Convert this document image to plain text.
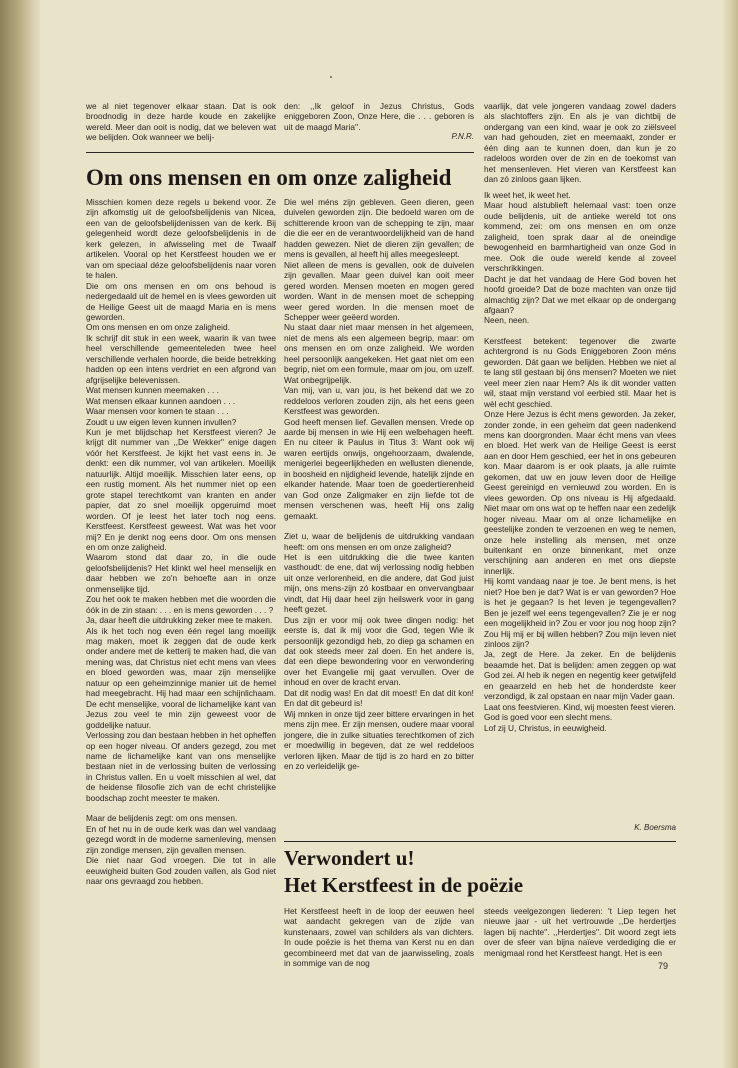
we al niet tegenover elkaar staan. Dat is ook broodnodig in deze harde koude en zakelijke wereld. Meer dan ooit is nodig, dat we beleven wat we belijden. Ook wanneer we belij-

den: ,,Ik geloof in Jezus Christus, Gods eniggeboren Zoon, Onze Here, die . . . geboren is uit de maagd Maria''.

P.N.R.

vaarlijk, dat vele jongeren vandaag zowel daders als slachtoffers zijn. En als je van dichtbij de ondergang van een kind, waar je ook zo ziëlsveel van had gehouden, ziet en meemaakt, zonder er één ding aan te kunnen doen, dan kun je zo radeloos worden over de zin en de toekomst van het mensenleven. Het vieren van Kerstfeest kan dan zó zinloos gaan lijken.

Om ons mensen en om onze zaligheid

Misschien komen deze regels u bekend voor. Ze zijn afkomstig uit de geloofsbelijdenis van Nicea, een van de geloofsbelijdenissen van de kerk. Bij gelegenheid wordt deze geloofsbelijdenis in de kerk gelezen, in afwisseling met de Twaalf artikelen. Vooral op het Kerstfeest houden we er van om speciaal déze geloofsbelijdenis naar voren te halen.

Die om ons mensen en om ons behoud is nedergedaald uit de hemel en is vlees geworden uit de Heilige Geest uit de maagd Maria en is mens geworden.

Om ons mensen en om onze zaligheid.

Ik schrijf dit stuk in een week, waarin ik van twee heel verschillende gemeenteleden twee heel verschillende verhalen hoorde, die beide betrekking hadden op een intens verdriet en een afgrond van afgrijselijke belevenissen.

Wat mensen kunnen meemaken . . .

Wat mensen elkaar kunnen aandoen . . .

Waar mensen voor komen te staan . . .

Zoudt u uw eigen leven kunnen invullen?

Kun je met blijdschap het Kerstfeest vieren? Je krijgt dit nummer van ,,De Wekker'' enige dagen vóór het Kerstfeest. Je kijkt het vast eens in. Je denkt: een dik nummer, vol van artikelen. Moeilijk natuurlijk. Altijd moeilijk. Misschien later eens, op een rustig moment. Als het nummer niet op een grote stapel terechtkomt van kranten en ander papier, dat zo snel moeilijk opgeruimd moet worden. Of je leest het later toch nog eens. Kerstfeest. Kerstfeest geweest. Wat was het voor mij? En je denkt nog eens door. Om ons mensen en om onze zaligheid.

Waarom stond dat daar zo, in die oude geloofsbelijdenis? Het klinkt wel heel menselijk en daar hebben we zo'n behoefte aan in onze onmenselijke tijd.

Zou het ook te maken hebben met die woorden die óók in de zin staan: . . . en is mens geworden . . . ?

Ja, daar heeft die uitdrukking zeker mee te maken.

Als ik het toch nog even één regel lang moeilijk mag maken, moet ik zeggen dat de oude kerk onder andere met de ketterij te maken had, die van mening was, dat Christus niet echt mens van vlees en bloed geworden was, maar zijn menselijke natuur op een geheimzinnige manier uit de hemel had meegebracht. Hij had maar een schijnlichaam. De echt menselijke, vooral de lichamelijke kant van Jezus zou veel te min zijn geweest voor de goddelijke natuur.

Verlossing zou dan bestaan hebben in het opheffen op een hoger niveau. Of anders gezegd, zou met name de lichamelijke kant van ons menselijke bestaan niet in de verlossing buiten de verlossing in Christus vallen. En u voelt misschien al wel, dat de heidense filosofie zich van de echt christelijke boodschap zocht meester te maken.

Maar de belijdenis zegt: om ons mensen.

En of het nu in de oude kerk was dan wel vandaag gezegd wordt in de moderne samenleving, mensen zijn zondige mensen, zijn gevallen mensen.

Die niet naar God vroegen. Die tot in alle eeuwigheid buiten God zouden vallen, als God niet naar ons gevraagd zou hebben.

Die wel méns zijn gebleven. Geen dieren, geen duivelen geworden zijn. Die bedoeld waren om de schitterende kroon van de schepping te zijn, maar die die eer en de verantwoordelijkheid van de hand hadden gewezen. Niet de dieren zijn gevallen; de mens is gevallen, al heeft hij alles meegesleept.

Niet alleen de mens is gevallen, ook de duivelen zijn gevallen. Maar geen duivel kan ooit meer gered worden. Mensen moeten en mogen gered worden. Want in de mensen moet de schepping weer gered worden. In die mensen moet de Schepper weer geëerd worden.

Nu staat daar niet maar mensen in het algemeen, niet de mens als een algemeen begrip, maar: om ons mensen en om onze zaligheid. We worden heel persoonlijk aangekeken. Het gaat niet om een begrip, niet om een formule, maar om jou, om uzelf. Wat onbegrijpelijk.

Van mij, van u, van jou, is het bekend dat we zo reddeloos verloren zouden zijn, als het eens geen Kerstfeest was geworden.

God heeft mensen lief. Gevallen mensen. Vrede op aarde bij mensen in wie Hij een welbehagen heeft. En nu citeer ik Paulus in Titus 3: Want ook wij waren eertijds onwijs, ongehoorzaam, dwalende, menigerlei begeerlijkheden en wellusten dienende, in boosheid en nijdigheid levende, hatelijk zijnde en elkander hatende. Maar toen de goedertierenheid van God onze Zaligmaker en zijn liefde tot de mensen verschenen was, heeft Hij ons zalig gemaakt.

Ziet u, waar de belijdenis de uitdrukking vandaan heeft: om ons mensen en om onze zaligheid?

Het is een uitdrukking die die twee kanten vasthoudt: de ene, dat wij verlossing nodig hebben uit onze verlorenheid, en die andere, dat God juist mijn, ons mens-zijn zó kostbaar en onvervangbaar vindt, dat Hij daar heel zijn heilswerk voor in gang heeft gezet.

Dus zijn er voor mij ook twee dingen nodig: het eerste is, dat ik mij voor die God, tegen Wie ik persoonlijk gezondigd heb, zo diep ga schamen en dat ook steeds meer zal doen. En het andere is, dat een diepe bewondering voor en verwondering over het Evangelie mij gaat vervullen. Over de inhoud en over de kracht ervan.

Dat dit nodig was! En dat dit moest! En dat dit kon! En dat dit gebeurd is!

Wij mnken in onze tijd zeer bittere ervaringen in het mens zijn mee. Er zijn mensen, oudere maar vooral jongere, die in zulke situaties terechtkomen of zich er moedwillig in begeven, dat ze wel reddeloos verloren lijken. Maar de tijd is zo hard en zo bitter en zo verleidelijk ge-

Ik weet het, ik weet het.

Maar houd alstublieft helemaal vast: toen onze oude belijdenis, uit de antieke wereld tot ons kommend, zei: om ons mensen en om onze zaligheid, toen sprak daar al de oneindige bewogenheid en barmhartigheid van onze God in mee. Ook die oude wereld kende al zoveel verschrikkingen.

Dacht je dat het vandaag de Here God boven het hoofd groeide? Dat de boze machten van onze tijd almachtig zijn? Dat we met elkaar op de ondergang afgaan?

Neen, neen.

Kerstfeest betekent: tegenover die zwarte achtergrond is nu Gods Eniggeboren Zoon méns geworden. Dát gaan we belijden. Hebben we niet al te lang stil gestaan bij óns mensen? Moeten we niet veel meer zien naar Hem? Als ik dit wonder vatten wil, staat mijn verstand vol eerbied stil. Maar het is wèl echt geschied.

Onze Here Jezus is écht mens geworden. Ja zeker, zonder zonde, in een geheim dat geen nadenkend mens kan doorgronden. Maar écht mens van vlees en bloed. Het werk van de Heilige Geest is eerst aan en door Hem geschied, eer het in ons gebeuren kon. Maar daarom is er ook plaats, ja alle ruimte gekomen, dat uw en jouw leven door de Heilige Geest gereinigd en vernieuwd zou worden. En is vlees geworden. Op ons niveau is Hij afgedaald. Niet maar om ons wat op te heffen naar een zedelijk hoger niveau. Maar om al onze lichamelijke en geestelijke zonden te verzoenen en weg te nemen, onze hele instelling als mensen, met onze buitenkant en onze binnenkant, met onze verschijning aan anderen en met ons diepste innerlijk.

Hij komt vandaag naar je toe. Je bent mens, is het niet? Hoe ben je dat? Wat is er van geworden? Hoe is het je gegaan? Is het leven je tegengevallen? Ben je jezelf wel eens tegengevallen? Zie je er nog een mogelijkheid in? Zou er voor jou nog hoop zijn? Zou Hij mij er bij willen hebben? Zou mijn leven niet zinloos zijn?

Ja, zegt de Here. Ja zeker. En de belijdenis beaamde het. Dat is belijden: amen zeggen op wat God zei. Al heb ik negen en negentig keer getwijfeld en geaarzeld en heb het de honderdste keer verzondigd, ik zal opstaan en naar mijn Vader gaan.

Laat ons feestvieren. Kind, wij moesten feest vieren.

God is goed voor een slecht mens.

Lof zij U, Christus, in eeuwigheid.

K. Boersma

Verwondert u!
Het Kerstfeest in de poëzie

Het Kerstfeest heeft in de loop der eeuwen heel wat aandacht gekregen van de zijde van kunstenaars, zowel van schilders als van dichters. In oude poëzie is het thema van Kerst nu en dan gecombineerd met dat van de jaarwisseling, zoals in sommige van de nog

steeds veelgezongen liederen: 't Liep tegen het nieuwe jaar - uit het vertrouwde ,,De herdertjes lagen bij nachte''. ,,Herdertjes''. Dit woord zegt iets over de sfeer van bijna naïeve verdediging die er menigmaal rond het Kerstfeest hangt. Het is een

79
